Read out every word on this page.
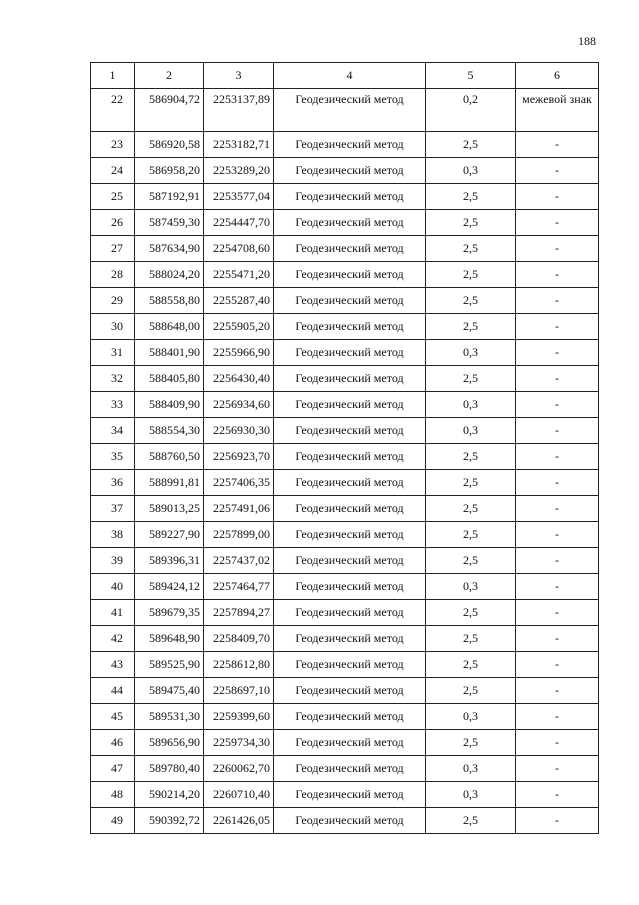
188
1	2	3	4	5	6
22	586904,72	2253137,89	Геодезический метод	0,2	межевой знак
23	586920,58	2253182,71	Геодезический метод	2,5	-
24	586958,20	2253289,20	Геодезический метод	0,3	-
25	587192,91	2253577,04	Геодезический метод	2,5	-
26	587459,30	2254447,70	Геодезический метод	2,5	-
27	587634,90	2254708,60	Геодезический метод	2,5	-
28	588024,20	2255471,20	Геодезический метод	2,5	-
29	588558,80	2255287,40	Геодезический метод	2,5	-
30	588648,00	2255905,20	Геодезический метод	2,5	-
31	588401,90	2255966,90	Геодезический метод	0,3	-
32	588405,80	2256430,40	Геодезический метод	2,5	-
33	588409,90	2256934,60	Геодезический метод	0,3	-
34	588554,30	2256930,30	Геодезический метод	0,3	-
35	588760,50	2256923,70	Геодезический метод	2,5	-
36	588991,81	2257406,35	Геодезический метод	2,5	-
37	589013,25	2257491,06	Геодезический метод	2,5	-
38	589227,90	2257899,00	Геодезический метод	2,5	-
39	589396,31	2257437,02	Геодезический метод	2,5	-
40	589424,12	2257464,77	Геодезический метод	0,3	-
41	589679,35	2257894,27	Геодезический метод	2,5	-
42	589648,90	2258409,70	Геодезический метод	2,5	-
43	589525,90	2258612,80	Геодезический метод	2,5	-
44	589475,40	2258697,10	Геодезический метод	2,5	-
45	589531,30	2259399,60	Геодезический метод	0,3	-
46	589656,90	2259734,30	Геодезический метод	2,5	-
47	589780,40	2260062,70	Геодезический метод	0,3	-
48	590214,20	2260710,40	Геодезический метод	0,3	-
49	590392,72	2261426,05	Геодезический метод	2,5	-
